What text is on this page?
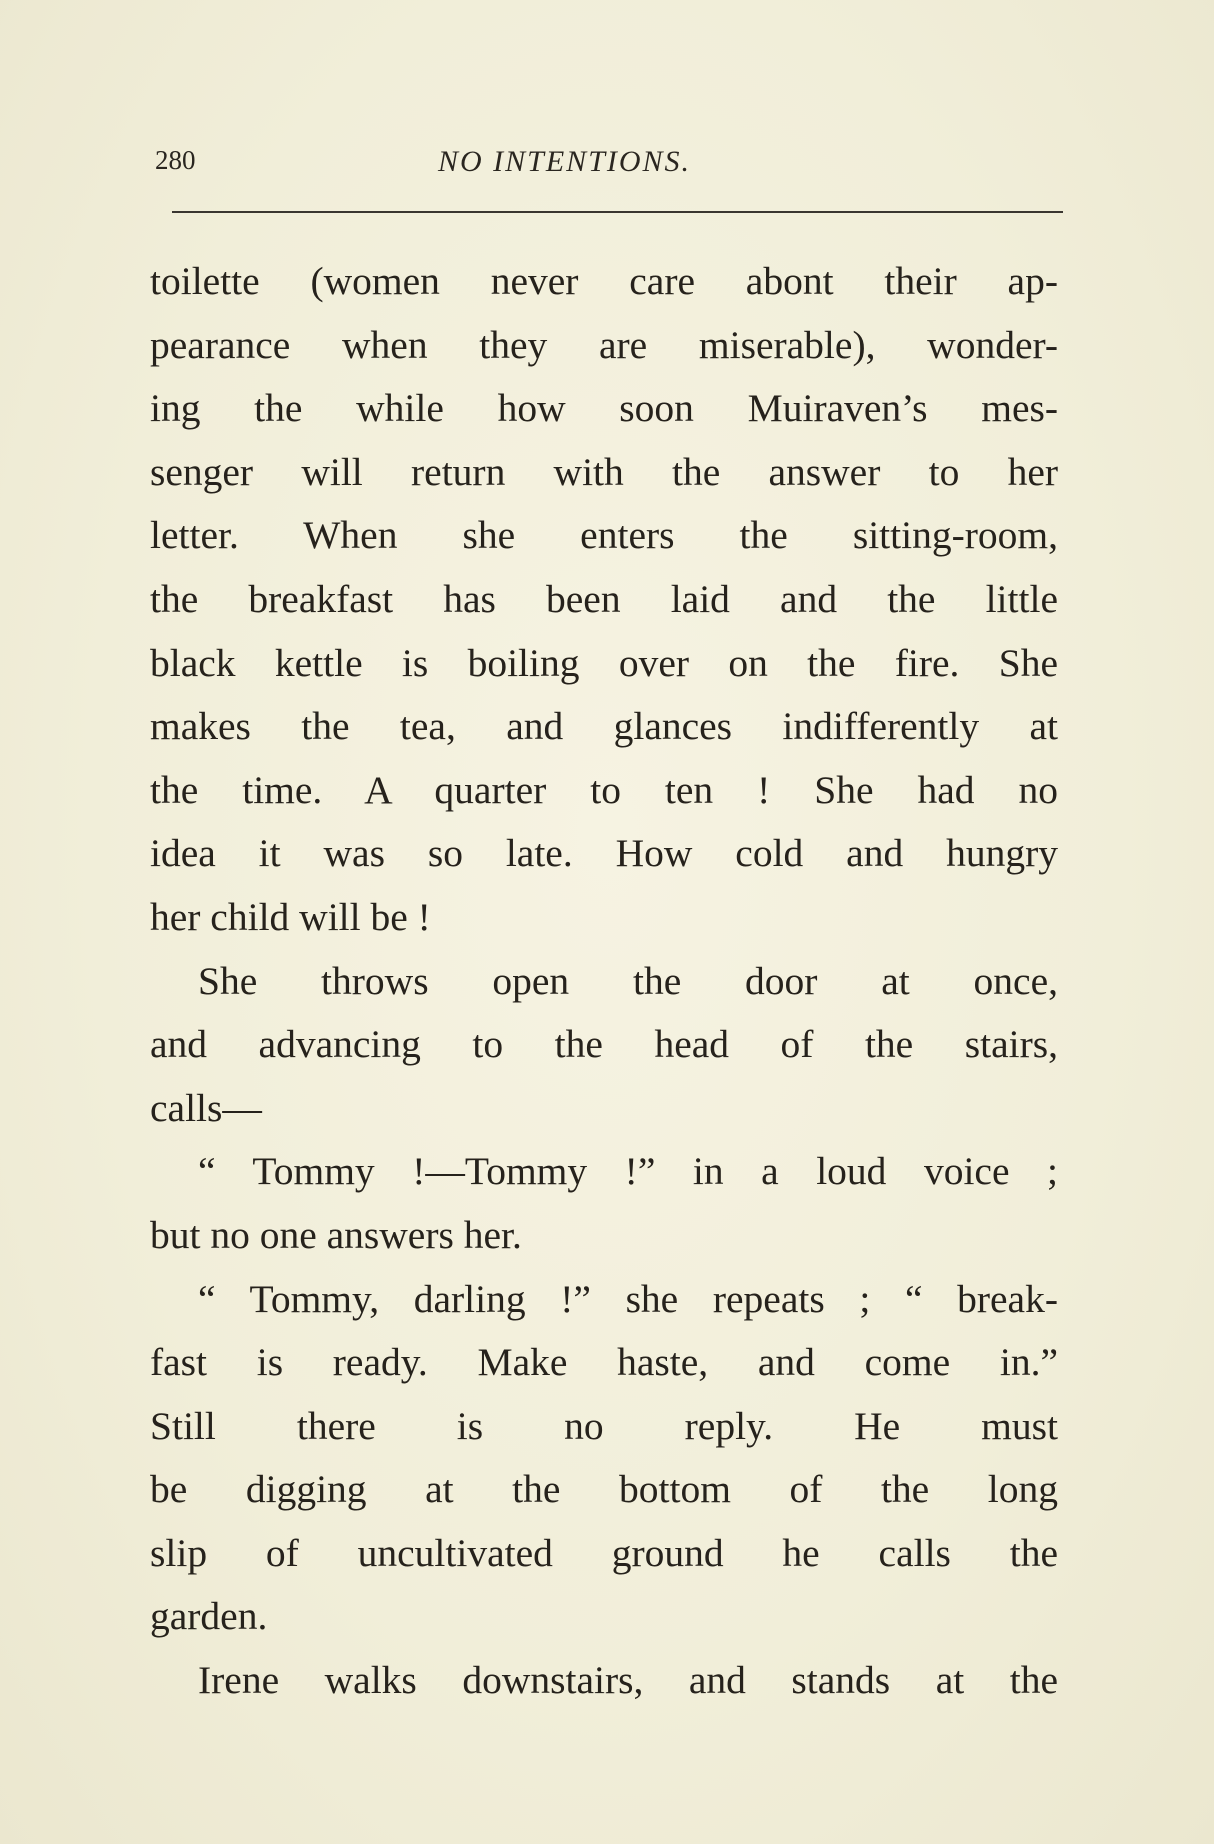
280	NO INTENTIONS.
toilette (women never care abont their ap-
pearance when they are miserable), wonder-
ing the while how soon Muiraven’s mes-
senger will return with the answer to her
letter. When she enters the sitting-room,
the breakfast has been laid and the little
black kettle is boiling over on the fire. She
makes the tea, and glances indifferently at
the time. A quarter to ten ! She had no
idea it was so late. How cold and hungry
her child will be !
She throws open the door at once,
and advancing to the head of the stairs,
calls—
“ Tommy !—Tommy !” in a loud voice ;
but no one answers her.
“ Tommy, darling !” she repeats ; “ break-
fast is ready. Make haste, and come in.”
Still there is no reply. He must
be digging at the bottom of the long
slip of uncultivated ground he calls the
garden.
Irene walks downstairs, and stands at the
